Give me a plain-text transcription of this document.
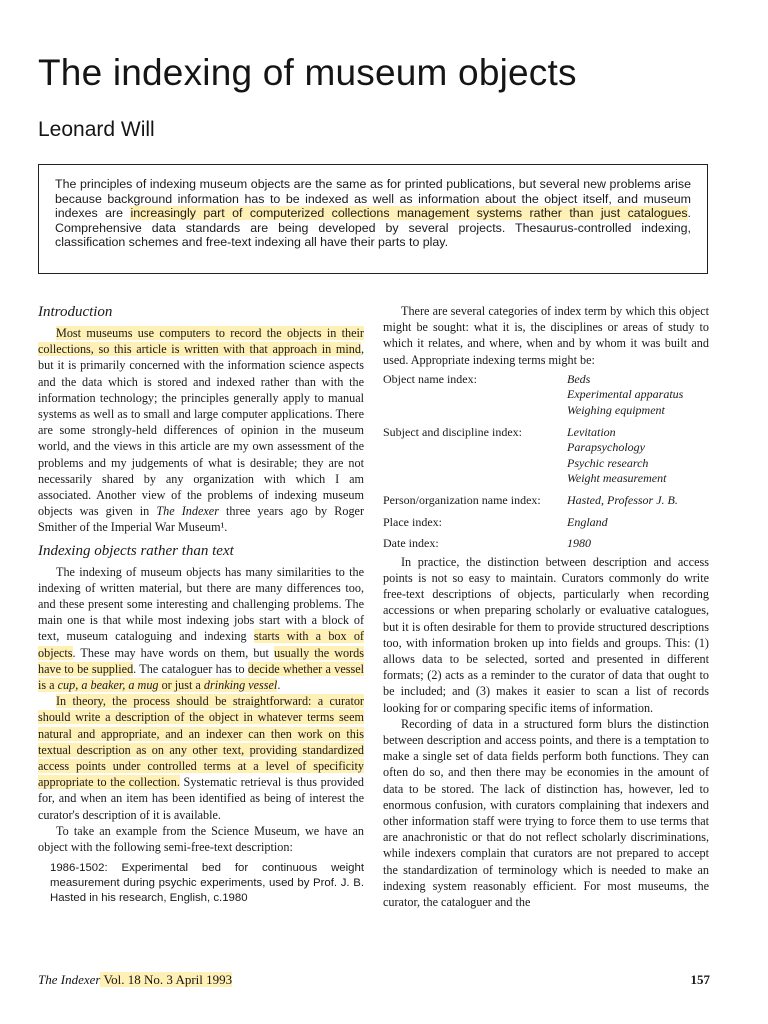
The indexing of museum objects
Leonard Will
The principles of indexing museum objects are the same as for printed publications, but several new problems arise because background information has to be indexed as well as information about the object itself, and museum indexes are increasingly part of computerized collections management systems rather than just catalogues. Comprehensive data standards are being developed by several projects. Thesaurus-controlled indexing, classification schemes and free-text indexing all have their parts to play.
Introduction

Most museums use computers to record the objects in their collections, so this article is written with that approach in mind, but it is primarily concerned with the information science aspects and the data which is stored and indexed rather than with the information technology; the principles generally apply to manual systems as well as to small and large computer applications. There are some strongly-held differences of opinion in the museum world, and the views in this article are my own assessment of the problems and my judgements of what is desirable; they are not necessarily shared by any organization with which I am associated. Another view of the problems of indexing museum objects was given in The Indexer three years ago by Roger Smither of the Imperial War Museum¹.

Indexing objects rather than text

The indexing of museum objects has many similarities to the indexing of written material, but there are many differences too, and these present some interesting and challenging problems. The main one is that while most indexing jobs start with a block of text, museum cataloguing and indexing starts with a box of objects. These may have words on them, but usually the words have to be supplied. The cataloguer has to decide whether a vessel is a cup, a beaker, a mug or just a drinking vessel.

In theory, the process should be straightforward: a curator should write a description of the object in whatever terms seem natural and appropriate, and an indexer can then work on this textual description as on any other text, providing standardized access points under controlled terms at a level of specificity appropriate to the collection. Systematic retrieval is thus provided for, and when an item has been identified as being of interest the curator's description of it is available.

To take an example from the Science Museum, we have an object with the following semi-free-text description:

1986-1502: Experimental bed for continuous weight measurement during psychic experiments, used by Prof. J. B. Hasted in his research, English, c.1980

There are several categories of index term by which this object might be sought: what it is, the disciplines or areas of study to which it relates, and where, when and by whom it was built and used. Appropriate indexing terms might be:

Object name index:	Beds
	Experimental apparatus
	Weighing equipment
Subject and discipline index:	Levitation
	Parapsychology
	Psychic research
	Weight measurement
Person/organization name index:	Hasted, Professor J. B.
Place index:	England
Date index:	1980

In practice, the distinction between description and access points is not so easy to maintain. Curators commonly do write free-text descriptions of objects, particularly when recording accessions or when preparing scholarly or evaluative catalogues, but it is often desirable for them to provide structured descriptions too, with information broken up into fields and groups. This: (1) allows data to be selected, sorted and presented in different formats; (2) acts as a reminder to the curator of data that ought to be included; and (3) makes it easier to scan a list of records looking for or comparing specific items of information.

Recording of data in a structured form blurs the distinction between description and access points, and there is a temptation to make a single set of data fields perform both functions. They can often do so, and then there may be economies in the amount of data to be stored. The lack of distinction has, however, led to enormous confusion, with curators complaining that indexers and other information staff were trying to force them to use terms that are anachronistic or that do not reflect scholarly discriminations, while indexers complain that curators are not prepared to accept the standardization of terminology which is needed to make an indexing system reasonably efficient. For most museums, the curator, the cataloguer and the

The Indexer Vol. 18 No. 3 April 1993	157
